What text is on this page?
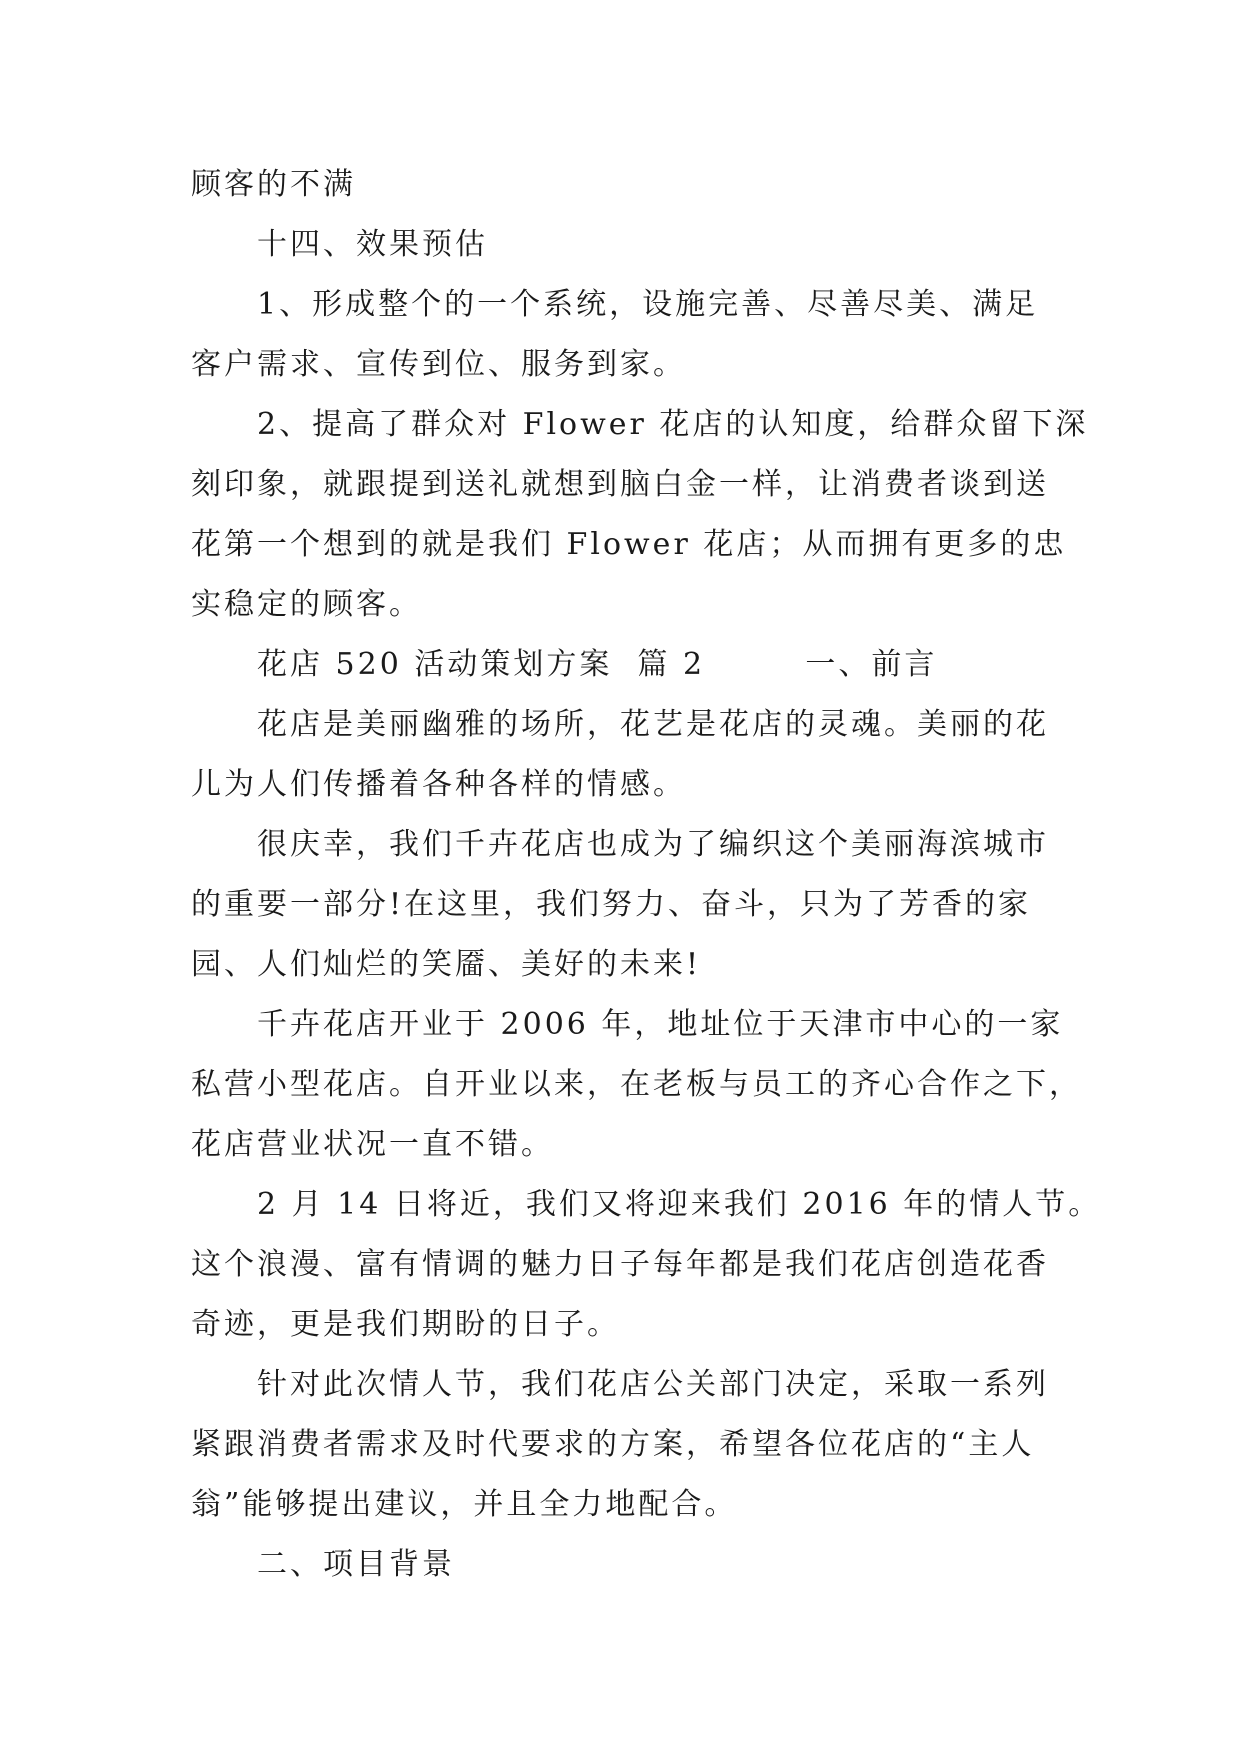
顾客的不满
十四、效果预估
1、形成整个的一个系统，设施完善、尽善尽美、满足
客户需求、宣传到位、服务到家。
2、提高了群众对 Flower 花店的认知度，给群众留下深
刻印象，就跟提到送礼就想到脑白金一样，让消费者谈到送
花第一个想到的就是我们 Flower 花店；从而拥有更多的忠
实稳定的顾客。
花店 520 活动策划方案  篇 2        一、前言
花店是美丽幽雅的场所，花艺是花店的灵魂。美丽的花
儿为人们传播着各种各样的情感。
很庆幸，我们千卉花店也成为了编织这个美丽海滨城市
的重要一部分!在这里，我们努力、奋斗，只为了芳香的家
园、人们灿烂的笑靥、美好的未来!
千卉花店开业于 2006 年，地址位于天津市中心的一家
私营小型花店。自开业以来，在老板与员工的齐心合作之下，
花店营业状况一直不错。
2 月 14 日将近，我们又将迎来我们 2016 年的情人节。
这个浪漫、富有情调的魅力日子每年都是我们花店创造花香
奇迹，更是我们期盼的日子。
针对此次情人节，我们花店公关部门决定，采取一系列
紧跟消费者需求及时代要求的方案，希望各位花店的“主人
翁”能够提出建议，并且全力地配合。
二、项目背景
